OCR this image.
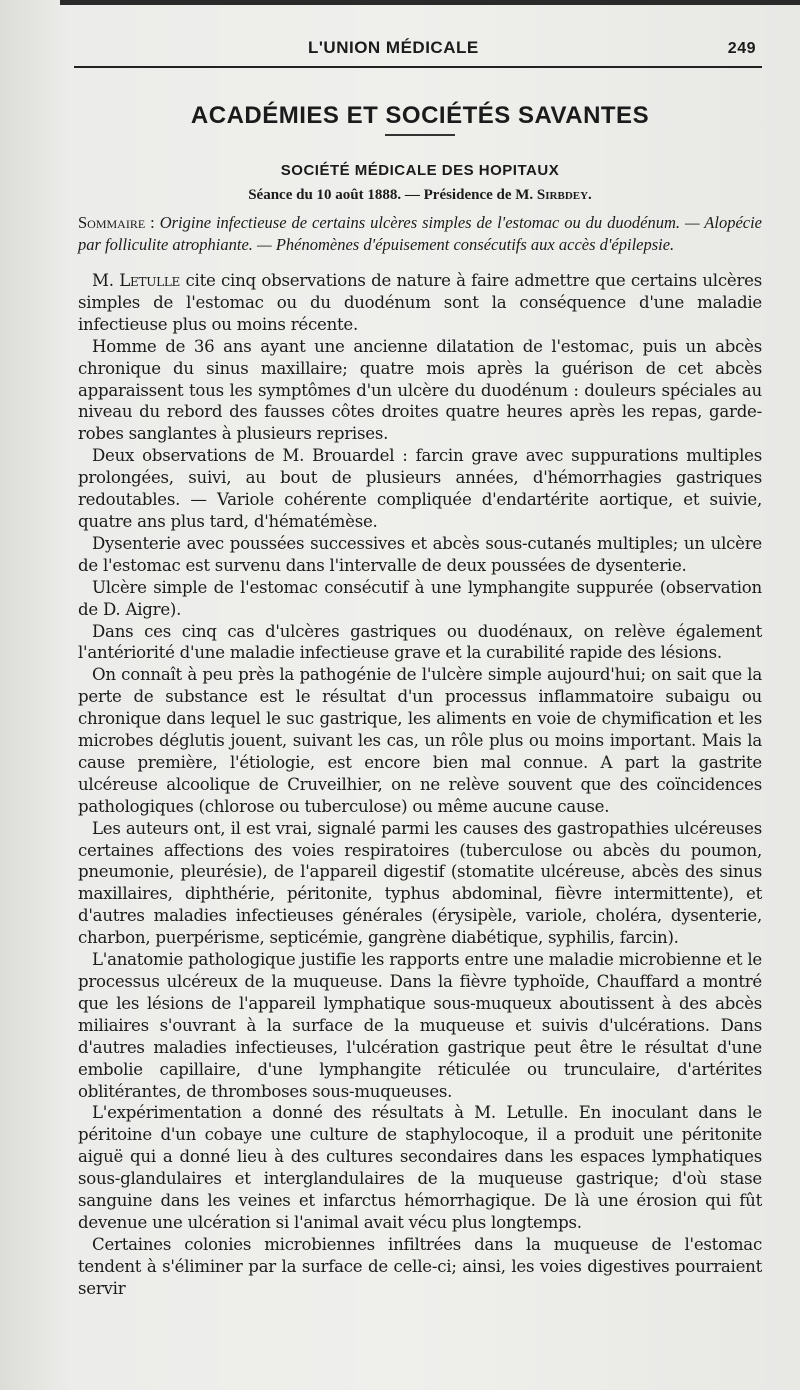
L'UNION MÉDICALE	249
ACADÉMIES ET SOCIÉTÉS SAVANTES
SOCIÉTÉ MÉDICALE DES HOPITAUX
Séance du 10 août 1888. — Présidence de M. Sirbdey.
Sommaire : Origine infectieuse de certains ulcères simples de l'estomac ou du duodénum. — Alopécie par folliculite atrophiante. — Phénomènes d'épuisement consécutifs aux accès d'épilepsie.

M. Letulle cite cinq observations de nature à faire admettre que certains ulcères simples de l'estomac ou du duodénum sont la conséquence d'une maladie infectieuse plus ou moins récente.

Homme de 36 ans ayant une ancienne dilatation de l'estomac, puis un abcès chronique du sinus maxillaire; quatre mois après la guérison de cet abcès apparaissent tous les symptômes d'un ulcère du duodénum : douleurs spéciales au niveau du rebord des fausses côtes droites quatre heures après les repas, garde-robes sanglantes à plusieurs reprises.

Deux observations de M. Brouardel : farcin grave avec suppurations multiples prolongées, suivi, au bout de plusieurs années, d'hémorrhagies gastriques redoutables. — Variole cohérente compliquée d'endartérite aortique, et suivie, quatre ans plus tard, d'hématémèse.

Dysenterie avec poussées successives et abcès sous-cutanés multiples; un ulcère de l'estomac est survenu dans l'intervalle de deux poussées de dysenterie.

Ulcère simple de l'estomac consécutif à une lymphangite suppurée (observation de D. Aigre).

Dans ces cinq cas d'ulcères gastriques ou duodénaux, on relève également l'antériorité d'une maladie infectieuse grave et la curabilité rapide des lésions.

On connaît à peu près la pathogénie de l'ulcère simple aujourd'hui; on sait que la perte de substance est le résultat d'un processus inflammatoire subaigu ou chronique dans lequel le suc gastrique, les aliments en voie de chymification et les microbes déglutis jouent, suivant les cas, un rôle plus ou moins important. Mais la cause première, l'étiologie, est encore bien mal connue. A part la gastrite ulcéreuse alcoolique de Cruveilhier, on ne relève souvent que des coïncidences pathologiques (chlorose ou tuberculose) ou même aucune cause.

Les auteurs ont, il est vrai, signalé parmi les causes des gastropathies ulcéreuses certaines affections des voies respiratoires (tuberculose ou abcès du poumon, pneumonie, pleurésie), de l'appareil digestif (stomatite ulcéreuse, abcès des sinus maxillaires, diphthérie, péritonite, typhus abdominal, fièvre intermittente), et d'autres maladies infectieuses générales (érysipèle, variole, choléra, dysenterie, charbon, puerpérisme, septicémie, gangrène diabétique, syphilis, farcin).

L'anatomie pathologique justifie les rapports entre une maladie microbienne et le processus ulcéreux de la muqueuse. Dans la fièvre typhoïde, Chauffard a montré que les lésions de l'appareil lymphatique sous-muqueux aboutissent à des abcès miliaires s'ouvrant à la surface de la muqueuse et suivis d'ulcérations. Dans d'autres maladies infectieuses, l'ulcération gastrique peut être le résultat d'une embolie capillaire, d'une lymphangite réticulée ou trunculaire, d'artérites oblitérantes, de thromboses sous-muqueuses.

L'expérimentation a donné des résultats à M. Letulle. En inoculant dans le péritoine d'un cobaye une culture de staphylocoque, il a produit une péritonite aiguë qui a donné lieu à des cultures secondaires dans les espaces lymphatiques sous-glandulaires et interglandulaires de la muqueuse gastrique; d'où stase sanguine dans les veines et infarctus hémorrhagique. De là une érosion qui fût devenue une ulcération si l'animal avait vécu plus longtemps.

Certaines colonies microbiennes infiltrées dans la muqueuse de l'estomac tendent à s'éliminer par la surface de celle-ci; ainsi, les voies digestives pourraient servir
